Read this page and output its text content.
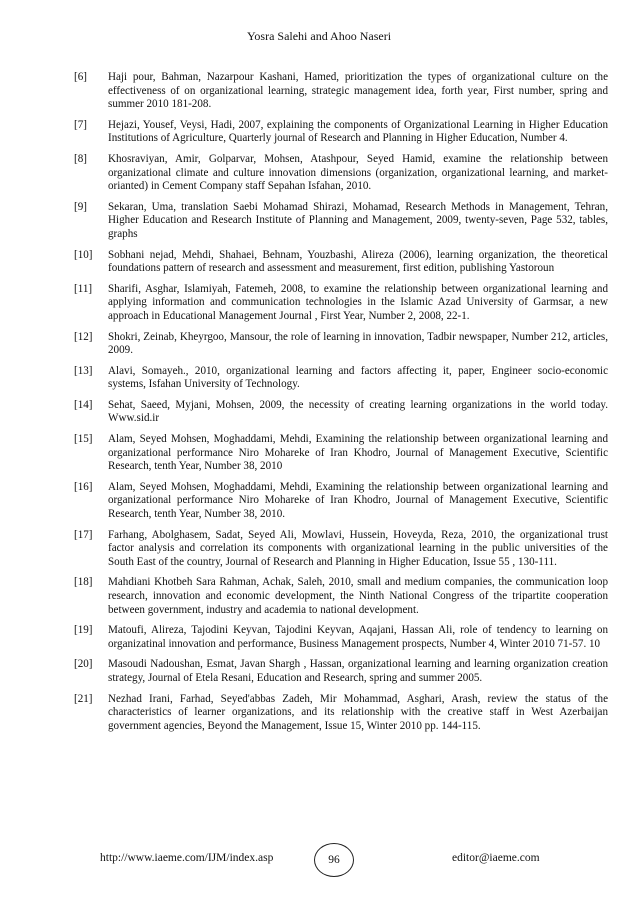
Yosra Salehi and Ahoo Naseri
[6]	Haji pour, Bahman, Nazarpour Kashani, Hamed, prioritization the types of organizational culture on the effectiveness of on organizational learning, strategic management idea, forth year, First number, spring and summer 2010 181-208.
[7]	Hejazi, Yousef, Veysi, Hadi, 2007, explaining the components of Organizational Learning in Higher Education Institutions of Agriculture, Quarterly journal of Research and Planning in Higher Education, Number 4.
[8]	Khosraviyan, Amir, Golparvar, Mohsen, Atashpour, Seyed Hamid, examine the relationship between organizational climate and culture innovation dimensions (organization, organizational learning, and market-orianted) in Cement Company staff Sepahan Isfahan, 2010.
[9]	Sekaran, Uma, translation Saebi Mohamad Shirazi, Mohamad, Research Methods in Management, Tehran, Higher Education and Research Institute of Planning and Management, 2009, twenty-seven, Page 532, tables, graphs
[10]	Sobhani nejad, Mehdi, Shahaei, Behnam, Youzbashi, Alireza (2006), learning organization, the theoretical foundations pattern of research and assessment and measurement, first edition, publishing Yastoroun
[11]	Sharifi, Asghar, Islamiyah, Fatemeh, 2008, to examine the relationship between organizational learning and applying information and communication technologies in the Islamic Azad University of Garmsar, a new approach in Educational Management Journal , First Year, Number 2, 2008, 22-1.
[12]	Shokri, Zeinab, Kheyrgoo, Mansour, the role of learning in innovation, Tadbir newspaper, Number 212, articles, 2009.
[13]	Alavi, Somayeh., 2010, organizational learning and factors affecting it, paper, Engineer socio-economic systems, Isfahan University of Technology.
[14]	Sehat, Saeed, Myjani, Mohsen, 2009, the necessity of creating learning organizations in the world today. Www.sid.ir
[15]	Alam, Seyed Mohsen, Moghaddami, Mehdi, Examining the relationship between organizational learning and organizational performance Niro Mohareke of Iran Khodro, Journal of Management Executive, Scientific Research, tenth Year, Number 38, 2010
[16]	Alam, Seyed Mohsen, Moghaddami, Mehdi, Examining the relationship between organizational learning and organizational performance Niro Mohareke of Iran Khodro, Journal of Management Executive, Scientific Research, tenth Year, Number 38, 2010.
[17]	Farhang, Abolghasem, Sadat, Seyed Ali, Mowlavi, Hussein, Hoveyda, Reza, 2010, the organizational trust factor analysis and correlation its components with organizational learning in the public universities of the South East of the country, Journal of Research and Planning in Higher Education, Issue 55 , 130-111.
[18]	Mahdiani Khotbeh Sara Rahman, Achak, Saleh, 2010, small and medium companies, the communication loop research, innovation and economic development, the Ninth National Congress of the tripartite cooperation between government, industry and academia to national development.
[19]	Matoufi, Alireza, Tajodini Keyvan, Tajodini Keyvan, Aqajani, Hassan Ali, role of tendency to learning on organizatinal innovation and performance, Business Management prospects, Number 4, Winter 2010 71-57. 10
[20]	Masoudi Nadoushan, Esmat, Javan Shargh , Hassan, organizational learning and learning organization creation strategy, Journal of Etela Resani, Education and Research, spring and summer 2005.
[21]	Nezhad Irani, Farhad, Seyed'abbas Zadeh, Mir Mohammad, Asghari, Arash, review the status of the characteristics of learner organizations, and its relationship with the creative staff in West Azerbaijan government agencies, Beyond the Management, Issue 15, Winter 2010 pp. 144-115.
http://www.iaeme.com/IJM/index.asp	96	editor@iaeme.com
